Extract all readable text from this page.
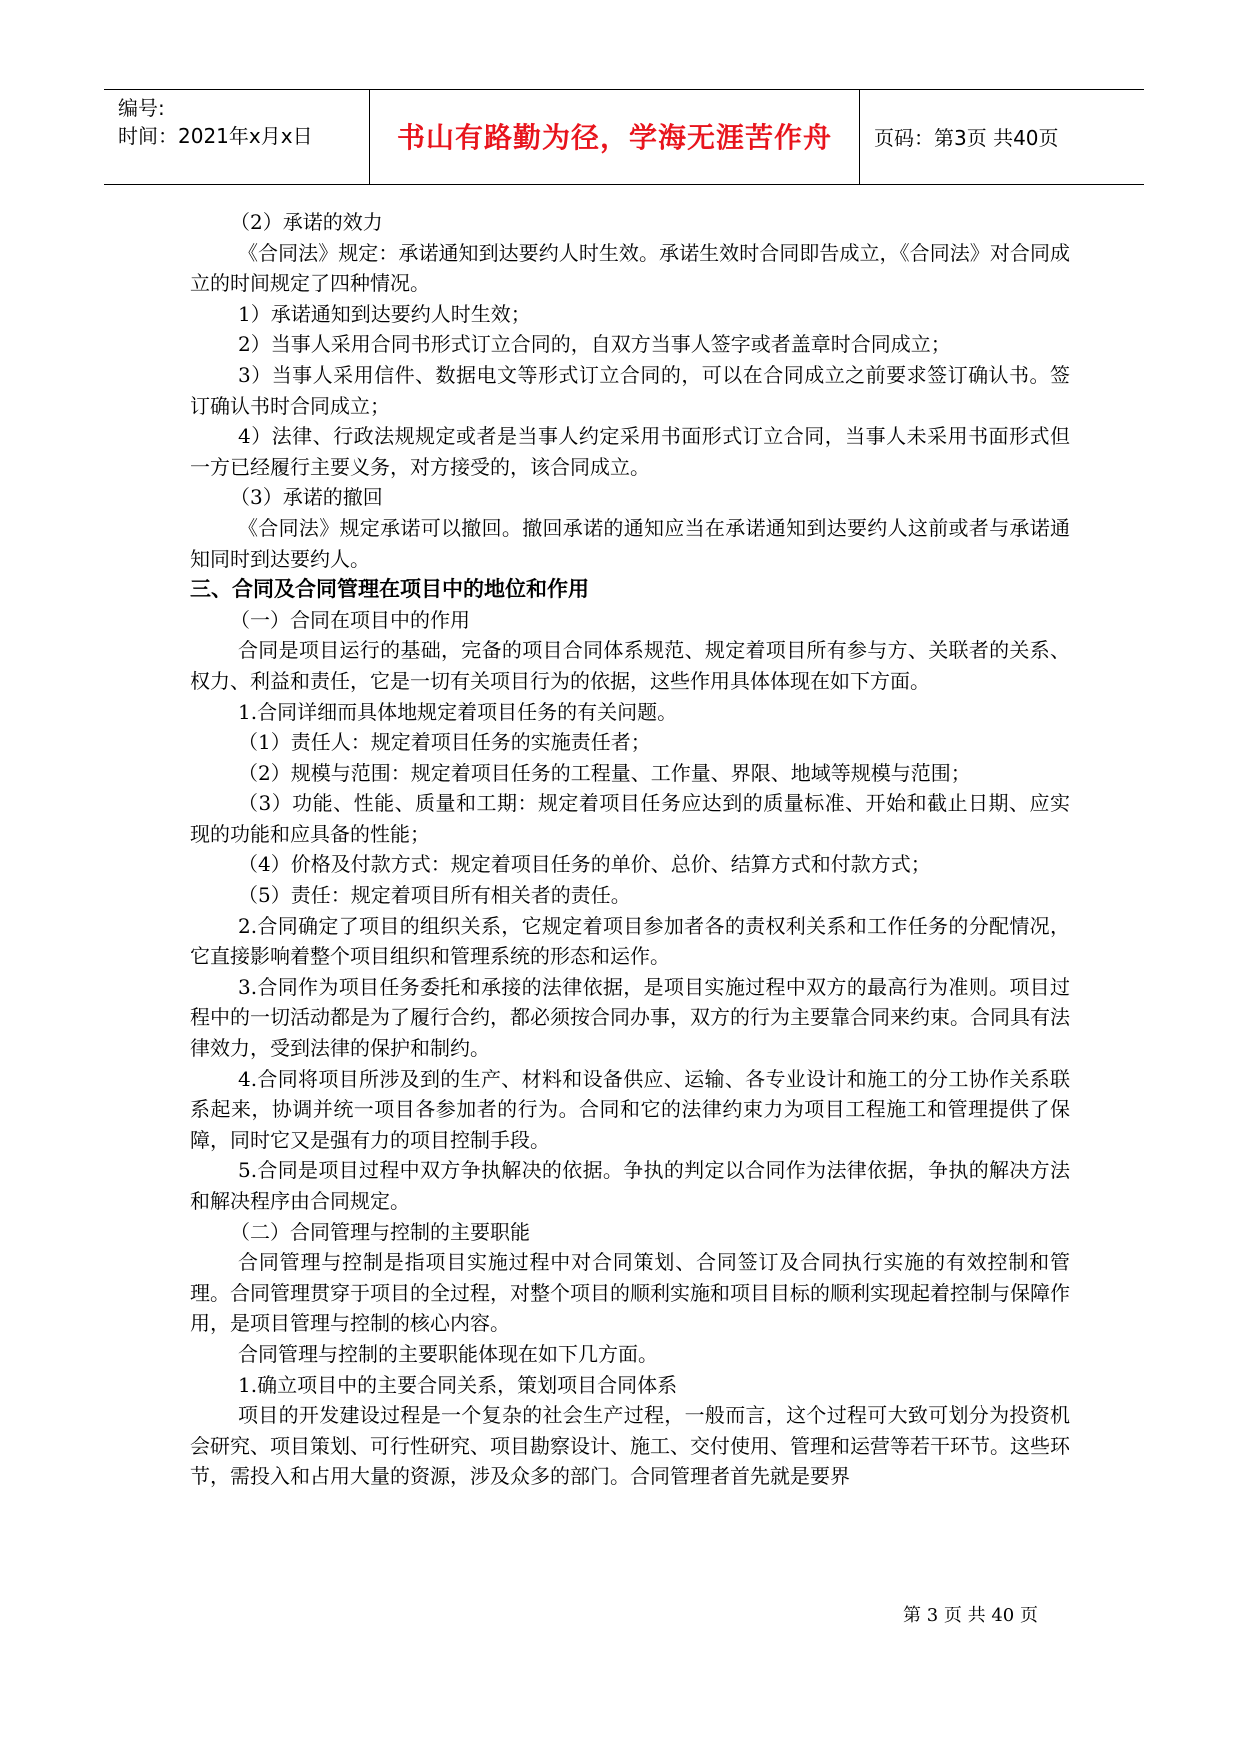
编号:
时间：2021年x月x日	书山有路勤为径，学海无涯苦作舟	页码：第3页 共40页

（2）承诺的效力

《合同法》规定：承诺通知到达要约人时生效。承诺生效时合同即告成立，《合同法》对合同成立的时间规定了四种情况。

1）承诺通知到达要约人时生效；

2）当事人采用合同书形式订立合同的，自双方当事人签字或者盖章时合同成立；

3）当事人采用信件、数据电文等形式订立合同的，可以在合同成立之前要求签订确认书。签订确认书时合同成立；

4）法律、行政法规规定或者是当事人约定采用书面形式订立合同，当事人未采用书面形式但一方已经履行主要义务，对方接受的，该合同成立。

（3）承诺的撤回

《合同法》规定承诺可以撤回。撤回承诺的通知应当在承诺通知到达要约人这前或者与承诺通知同时到达要约人。

三、合同及合同管理在项目中的地位和作用

（一）合同在项目中的作用

合同是项目运行的基础，完备的项目合同体系规范、规定着项目所有参与方、关联者的关系、权力、利益和责任，它是一切有关项目行为的依据，这些作用具体体现在如下方面。

1.合同详细而具体地规定着项目任务的有关问题。

（1）责任人：规定着项目任务的实施责任者；

（2）规模与范围：规定着项目任务的工程量、工作量、界限、地域等规模与范围；

（3）功能、性能、质量和工期：规定着项目任务应达到的质量标准、开始和截止日期、应实现的功能和应具备的性能；

（4）价格及付款方式：规定着项目任务的单价、总价、结算方式和付款方式；

（5）责任：规定着项目所有相关者的责任。

2.合同确定了项目的组织关系，它规定着项目参加者各的责权利关系和工作任务的分配情况，它直接影响着整个项目组织和管理系统的形态和运作。

3.合同作为项目任务委托和承接的法律依据，是项目实施过程中双方的最高行为准则。项目过程中的一切活动都是为了履行合约，都必须按合同办事，双方的行为主要靠合同来约束。合同具有法律效力，受到法律的保护和制约。

4.合同将项目所涉及到的生产、材料和设备供应、运输、各专业设计和施工的分工协作关系联系起来，协调并统一项目各参加者的行为。合同和它的法律约束力为项目工程施工和管理提供了保障，同时它又是强有力的项目控制手段。

5.合同是项目过程中双方争执解决的依据。争执的判定以合同作为法律依据，争执的解决方法和解决程序由合同规定。

（二）合同管理与控制的主要职能

合同管理与控制是指项目实施过程中对合同策划、合同签订及合同执行实施的有效控制和管理。合同管理贯穿于项目的全过程，对整个项目的顺利实施和项目目标的顺利实现起着控制与保障作用，是项目管理与控制的核心内容。

合同管理与控制的主要职能体现在如下几方面。

1.确立项目中的主要合同关系，策划项目合同体系

项目的开发建设过程是一个复杂的社会生产过程，一般而言，这个过程可大致可划分为投资机会研究、项目策划、可行性研究、项目勘察设计、施工、交付使用、管理和运营等若干环节。这些环节，需投入和占用大量的资源，涉及众多的部门。合同管理者首先就是要界

第 3 页 共 40 页
